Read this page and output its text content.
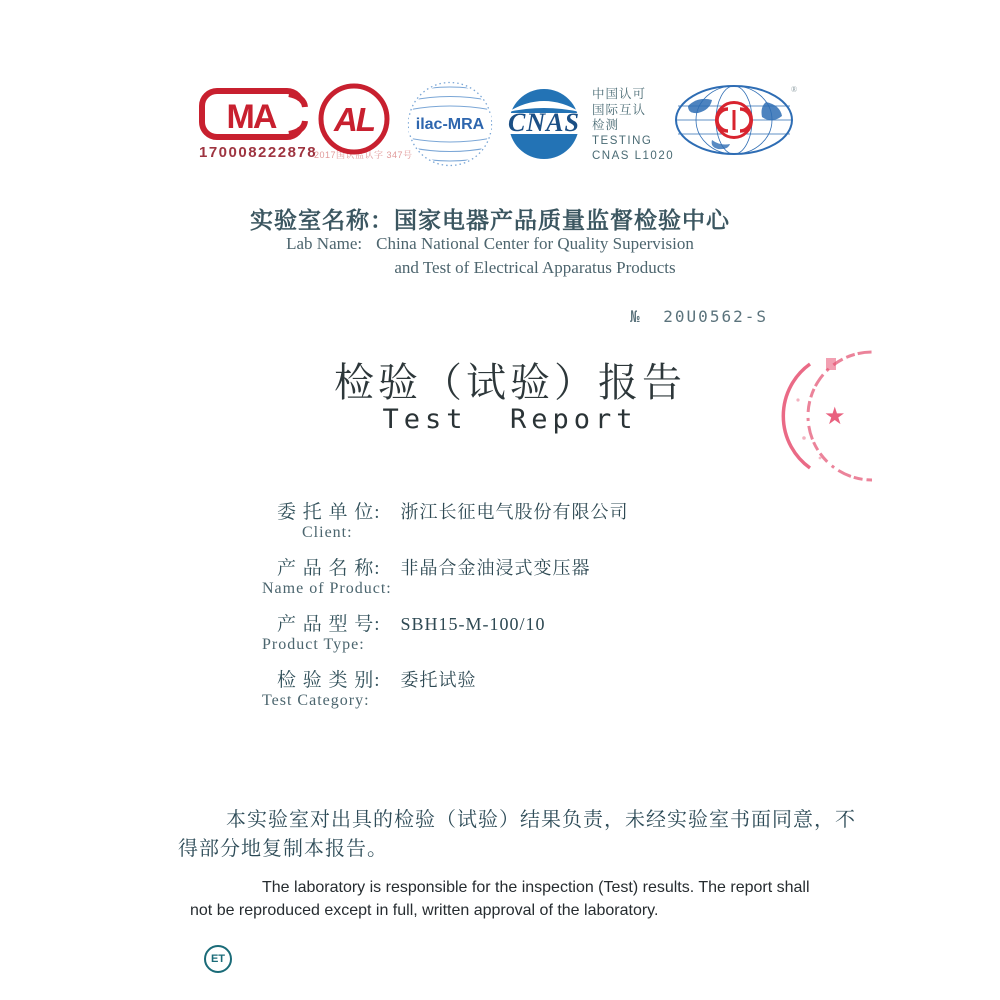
MA
170008222878
2017国认监认字 347号
AL	ilac-MRA CNAS
中国认可
国际互认
检测
TESTING
CNAS L1020
®
实验室名称：国家电器产品质量监督检验中心
Lab Name: China National Center for Quality Supervision
and Test of Electrical Apparatus Products
№ 20U0562-S
检验（试验）报告
Test  Report	★
委 托 单 位: 浙江长征电气股份有限公司
Client:
产 品 名 称: 非晶合金油浸式变压器
Name of Product:
产 品 型 号: SBH15-M-100/10
Product Type:
检 验 类 别: 委托试验
Test Category:
本实验室对出具的检验（试验）结果负责，未经实验室书面同意，不得部分地复制本报告。
The laboratory is responsible for the inspection (Test) results. The report shall not be reproduced except in full, written approval of the laboratory.
ET
